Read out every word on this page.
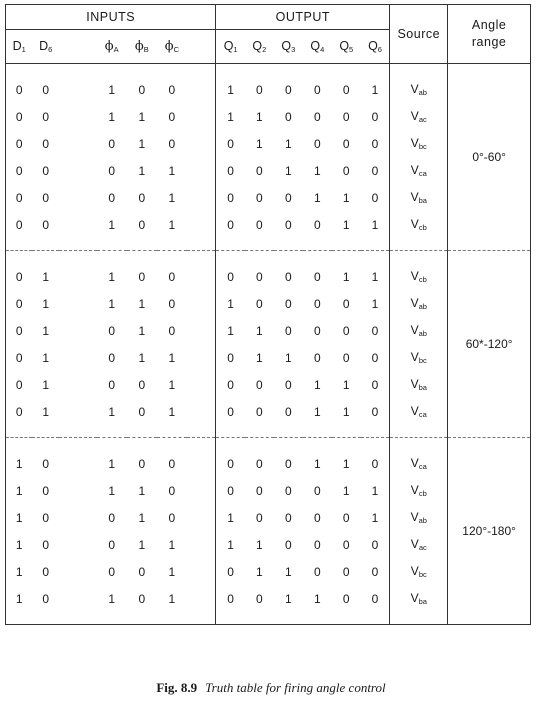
INPUTS							OUTPUT						Source	Angle
range

$D_1$	$D_6$		$\phi_A$	$\phi_B$	$\phi_C$		$Q_1$	$Q_2$	$Q_3$	$Q_4$	$Q_5$	$Q_6$
														0°-60°
0	0		1	0	0		1	0	0	0	0	1	$V_{ab}$
0	0		1	1	0		1	1	0	0	0	0	$V_{ac}$
0	0		0	1	0		0	1	1	0	0	0	$V_{bc}$
0	0		0	1	1		0	0	1	1	0	0	$V_{ca}$
0	0		0	0	1		0	0	0	1	1	0	$V_{ba}$
0	0		1	0	1		0	0	0	0	1	1	$V_{cb}$

														60*-120°
0	1		1	0	0		0	0	0	0	1	1	$V_{cb}$
0	1		1	1	0		1	0	0	0	0	1	$V_{ab}$
0	1		0	1	0		1	1	0	0	0	0	$V_{ab}$
0	1		0	1	1		0	1	1	0	0	0	$V_{bc}$
0	1		0	0	1		0	0	0	1	1	0	$V_{ba}$
0	1		1	0	1		0	0	0	1	1	0	$V_{ca}$

														120°-180°
1	0		1	0	0		0	0	0	1	1	0	$V_{ca}$
1	0		1	1	0		0	0	0	0	1	1	$V_{cb}$
1	0		0	1	0		1	0	0	0	0	1	$V_{ab}$
1	0		0	1	1		1	1	0	0	0	0	$V_{ac}$
1	0		0	0	1		0	1	1	0	0	0	$V_{bc}$
1	0		1	0	1		0	0	1	1	0	0	$V_{ba}$

Fig. 8.9 Truth table for firing angle control
